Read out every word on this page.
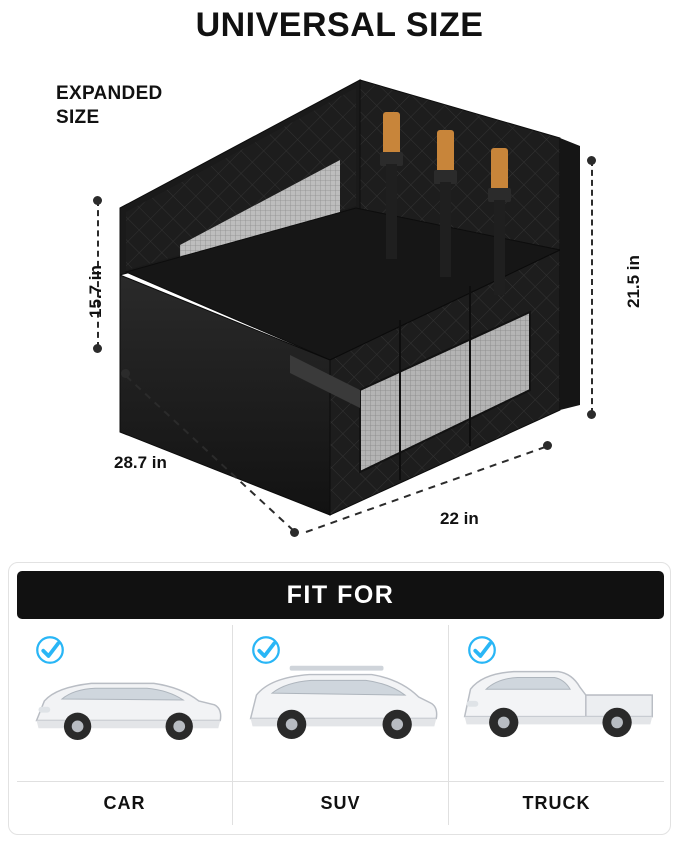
UNIVERSAL SIZE
EXPANDED
SIZE
15.7 in	21.5 in
28.7 in
22 in
FIT FOR
CAR	SUV	TRUCK
